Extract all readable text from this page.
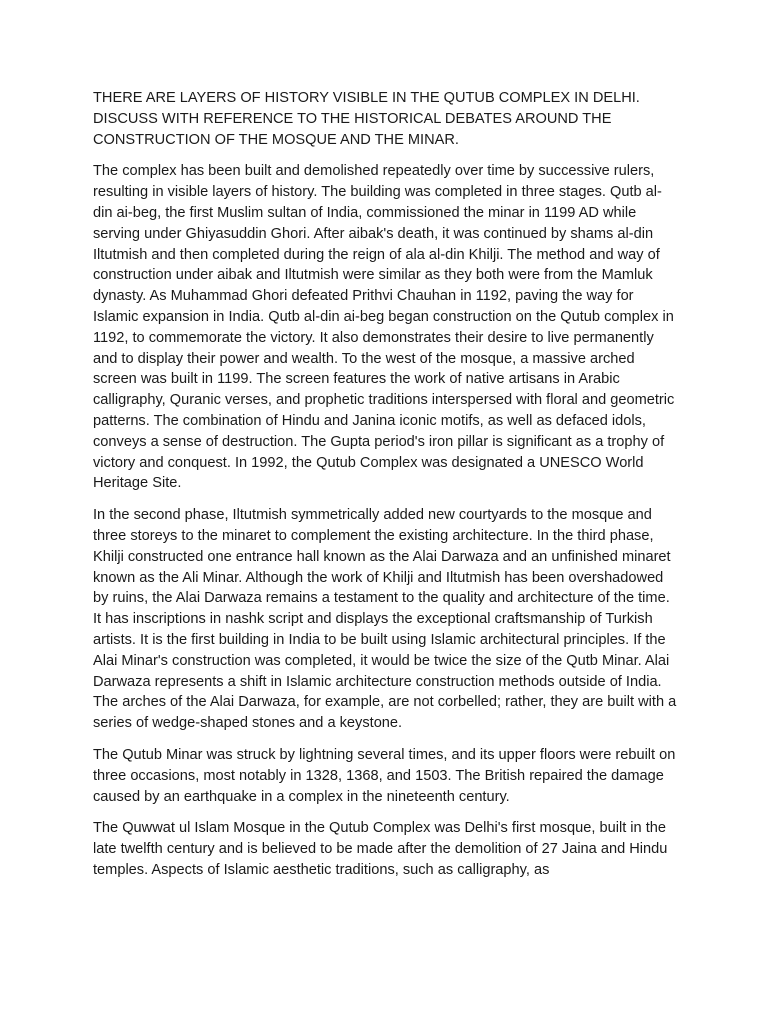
THERE ARE LAYERS OF HISTORY VISIBLE IN THE QUTUB COMPLEX IN DELHI. DISCUSS WITH REFERENCE TO THE HISTORICAL DEBATES AROUND THE CONSTRUCTION OF THE MOSQUE AND THE MINAR.

The complex has been built and demolished repeatedly over time by successive rulers, resulting in visible layers of history. The building was completed in three stages. Qutb al-din ai-beg, the first Muslim sultan of India, commissioned the minar in 1199 AD while serving under Ghiyasuddin Ghori. After aibak's death, it was continued by shams al-din Iltutmish and then completed during the reign of ala al-din Khilji. The method and way of construction under aibak and Iltutmish were similar as they both were from the Mamluk dynasty. As Muhammad Ghori defeated Prithvi Chauhan in 1192, paving the way for Islamic expansion in India. Qutb al-din ai-beg began construction on the Qutub complex in 1192, to commemorate the victory. It also demonstrates their desire to live permanently and to display their power and wealth. To the west of the mosque, a massive arched screen was built in 1199. The screen features the work of native artisans in Arabic calligraphy, Quranic verses, and prophetic traditions interspersed with floral and geometric patterns. The combination of Hindu and Janina iconic motifs, as well as defaced idols, conveys a sense of destruction. The Gupta period's iron pillar is significant as a trophy of victory and conquest. In 1992, the Qutub Complex was designated a UNESCO World Heritage Site.

In the second phase, Iltutmish symmetrically added new courtyards to the mosque and three storeys to the minaret to complement the existing architecture. In the third phase, Khilji constructed one entrance hall known as the Alai Darwaza and an unfinished minaret known as the Ali Minar. Although the work of Khilji and Iltutmish has been overshadowed by ruins, the Alai Darwaza remains a testament to the quality and architecture of the time. It has inscriptions in nashk script and displays the exceptional craftsmanship of Turkish artists. It is the first building in India to be built using Islamic architectural principles. If the Alai Minar's construction was completed, it would be twice the size of the Qutb Minar. Alai Darwaza represents a shift in Islamic architecture construction methods outside of India. The arches of the Alai Darwaza, for example, are not corbelled; rather, they are built with a series of wedge-shaped stones and a keystone.

The Qutub Minar was struck by lightning several times, and its upper floors were rebuilt on three occasions, most notably in 1328, 1368, and 1503. The British repaired the damage caused by an earthquake in a complex in the nineteenth century.

The Quwwat ul Islam Mosque in the Qutub Complex was Delhi's first mosque, built in the late twelfth century and is believed to be made after the demolition of 27 Jaina and Hindu temples. Aspects of Islamic aesthetic traditions, such as calligraphy, as
